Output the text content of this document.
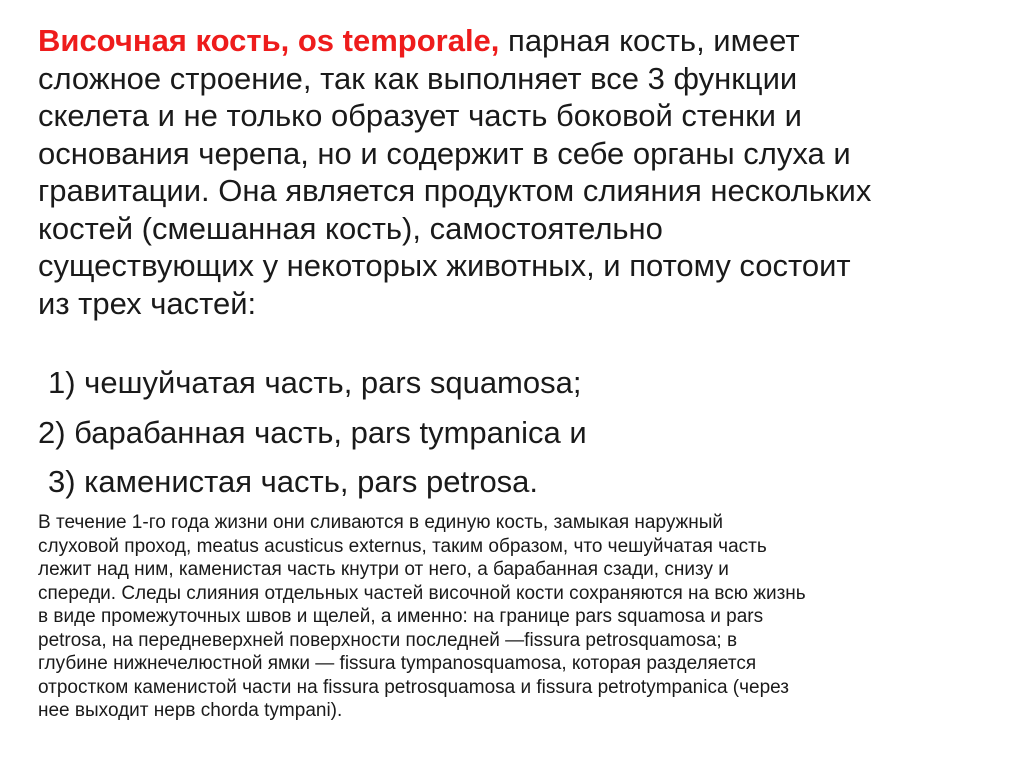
Височная кость, os temporale, парная кость, имеет
сложное строение, так как выполняет все 3 функции
скелета и не только образует часть боковой стенки и
основания черепа, но и содержит в себе органы слуха и
гравитации. Она является продуктом слияния нескольких
костей (смешанная кость), самостоятельно
существующих у некоторых животных, и потому состоит
из трех частей:

1) чешуйчатая часть, pars squamosa;

2) барабанная часть, pars tympanica и

3) каменистая часть, pars petrosa.

В течение 1-го года жизни они сливаются в единую кость, замыкая наружный
слуховой проход, meatus acusticus externus, таким образом, что чешуйчатая часть
лежит над ним, каменистая часть кнутри от него, а барабанная сзади, снизу и
спереди. Следы слияния отдельных частей височной кости сохраняются на всю жизнь
в виде промежуточных швов и щелей, а именно: на границе pars squamosa и pars
petrosa, на передневерхней поверхности последней —fissura petrosquamosa; в
глубине нижнечелюстной ямки — fissura tympanosquamosa, которая разделяется
отростком каменистой части на fissura petrosquamosa и fissura petrotympanica (через
нее выходит нерв chorda tympani).
